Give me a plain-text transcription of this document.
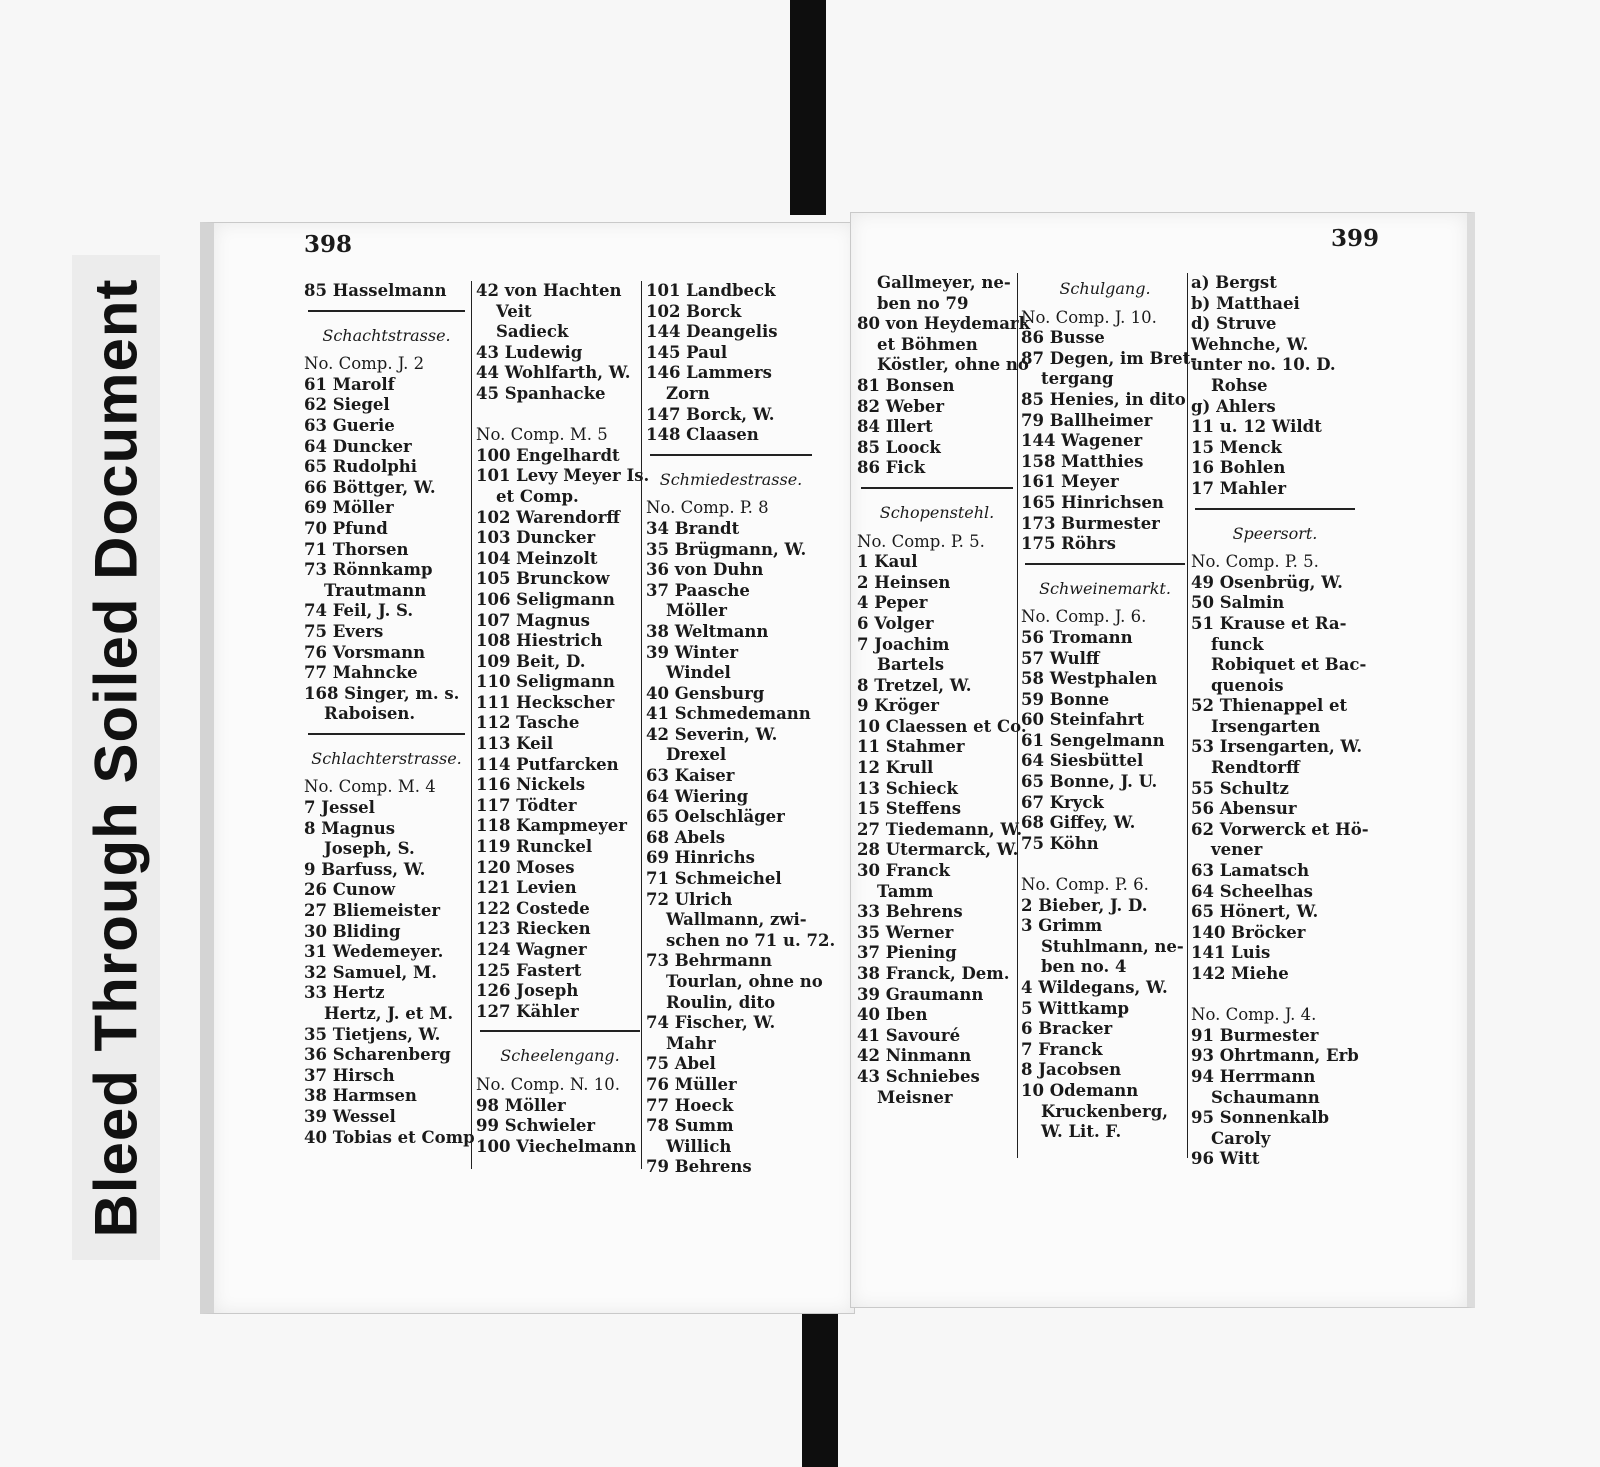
Bleed Through Soiled Document
398
85 Hasselmann
Schachtstrasse.
No. Comp. J. 2
61 Marolf
62 Siegel
63 Guerie
64 Duncker
65 Rudolphi
66 Böttger, W.
69 Möller
70 Pfund
71 Thorsen
73 Rönnkamp
Trautmann
74 Feil, J. S.
75 Evers
76 Vorsmann
77 Mahncke
168 Singer, m. s.
Raboisen.
Schlachterstrasse.
No. Comp. M. 4
7 Jessel
8 Magnus
Joseph, S.
9 Barfuss, W.
26 Cunow
27 Bliemeister
30 Bliding
31 Wedemeyer.
32 Samuel, M.
33 Hertz
Hertz, J. et M.
35 Tietjens, W.
36 Scharenberg
37 Hirsch
38 Harmsen
39 Wessel
40 Tobias et Comp
42 von Hachten
Veit
Sadieck
43 Ludewig
44 Wohlfarth, W.
45 Spanhacke
No. Comp. M. 5
100 Engelhardt
101 Levy Meyer Is.
et Comp.
102 Warendorff
103 Duncker
104 Meinzolt
105 Brunckow
106 Seligmann
107 Magnus
108 Hiestrich
109 Beit, D.
110 Seligmann
111 Heckscher
112 Tasche
113 Keil
114 Putfarcken
116 Nickels
117 Tödter
118 Kampmeyer
119 Runckel
120 Moses
121 Levien
122 Costede
123 Riecken
124 Wagner
125 Fastert
126 Joseph
127 Kähler
Scheelengang.
No. Comp. N. 10.
98 Möller
99 Schwieler
100 Viechelmann
101 Landbeck
102 Borck
144 Deangelis
145 Paul
146 Lammers
Zorn
147 Borck, W.
148 Claasen
Schmiedestrasse.
No. Comp. P. 8
34 Brandt
35 Brügmann, W.
36 von Duhn
37 Paasche
Möller
38 Weltmann
39 Winter
Windel
40 Gensburg
41 Schmedemann
42 Severin, W.
Drexel
63 Kaiser
64 Wiering
65 Oelschläger
68 Abels
69 Hinrichs
71 Schmeichel
72 Ulrich
Wallmann, zwi-
schen no 71 u. 72.
73 Behrmann
Tourlan, ohne no
Roulin, dito
74 Fischer, W.
Mahr
75 Abel
76 Müller
77 Hoeck
78 Summ
Willich
79 Behrens
399
Gallmeyer, ne-
ben no 79
80 von Heydemark
et Böhmen
Köstler, ohne no
81 Bonsen
82 Weber
84 Illert
85 Loock
86 Fick
Schopenstehl.
No. Comp. P. 5.
1 Kaul
2 Heinsen
4 Peper
6 Volger
7 Joachim
Bartels
8 Tretzel, W.
9 Kröger
10 Claessen et Co.
11 Stahmer
12 Krull
13 Schieck
15 Steffens
27 Tiedemann, W.
28 Utermarck, W.
30 Franck
Tamm
33 Behrens
35 Werner
37 Piening
38 Franck, Dem.
39 Graumann
40 Iben
41 Savouré
42 Ninmann
43 Schniebes
Meisner
Schulgang.
No. Comp. J. 10.
86 Busse
87 Degen, im Bret-
tergang
85 Henies, in dito
79 Ballheimer
144 Wagener
158 Matthies
161 Meyer
165 Hinrichsen
173 Burmester
175 Röhrs
Schweinemarkt.
No. Comp. J. 6.
56 Tromann
57 Wulff
58 Westphalen
59 Bonne
60 Steinfahrt
61 Sengelmann
64 Siesbüttel
65 Bonne, J. U.
67 Kryck
68 Giffey, W.
75 Köhn
No. Comp. P. 6.
2 Bieber, J. D.
3 Grimm
Stuhlmann, ne-
ben no. 4
4 Wildegans, W.
5 Wittkamp
6 Bracker
7 Franck
8 Jacobsen
10 Odemann
Kruckenberg,
W. Lit. F.
a) Bergst
b) Matthaei
d) Struve
Wehnche, W.
unter no. 10. D.
Rohse
g) Ahlers
11 u. 12 Wildt
15 Menck
16 Bohlen
17 Mahler
Speersort.
No. Comp. P. 5.
49 Osenbrüg, W.
50 Salmin
51 Krause et Ra-
funck
Robiquet et Bac-
quenois
52 Thienappel et
Irsengarten
53 Irsengarten, W.
Rendtorff
55 Schultz
56 Abensur
62 Vorwerck et Hö-
vener
63 Lamatsch
64 Scheelhas
65 Hönert, W.
140 Bröcker
141 Luis
142 Miehe
No. Comp. J. 4.
91 Burmester
93 Ohrtmann, Erb
94 Herrmann
Schaumann
95 Sonnenkalb
Caroly
96 Witt
